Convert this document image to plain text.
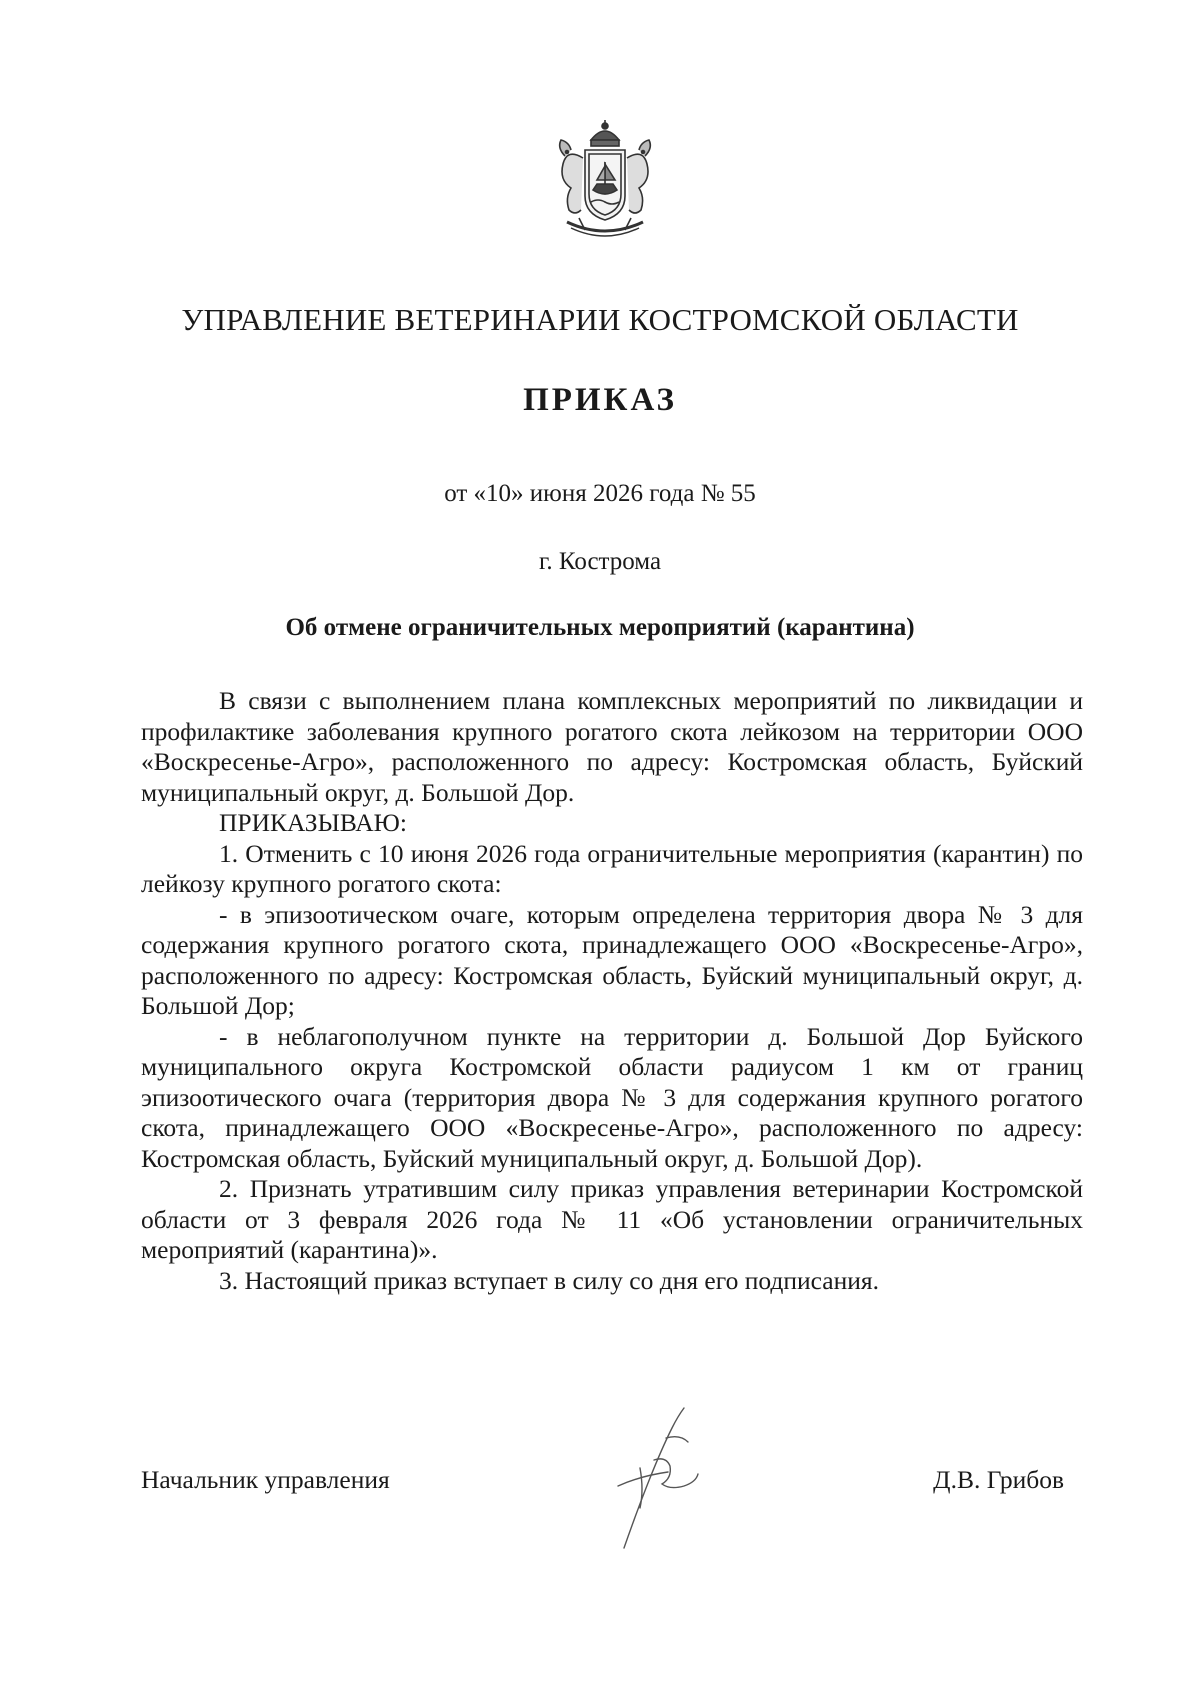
УПРАВЛЕНИЕ ВЕТЕРИНАРИИ КОСТРОМСКОЙ ОБЛАСТИ
ПРИКАЗ
от «10» июня 2026 года № 55
г. Кострома
Об отмене ограничительных мероприятий (карантина)

В связи с выполнением плана комплексных мероприятий по ликвидации и профилактике заболевания крупного рогатого скота лейкозом на территории ООО «Воскресенье-Агро», расположенного по адресу: Костромская область, Буйский муниципальный округ, д. Большой Дор.

ПРИКАЗЫВАЮ:

1. Отменить с 10 июня 2026 года ограничительные мероприятия (карантин) по лейкозу крупного рогатого скота:

- в эпизоотическом очаге, которым определена территория двора № 3 для содержания крупного рогатого скота, принадлежащего ООО «Воскресенье-Агро», расположенного по адресу: Костромская область, Буйский муниципальный округ, д. Большой Дор;

- в неблагополучном пункте на территории д. Большой Дор Буйского муниципального округа Костромской области радиусом 1 км от границ эпизоотического очага (территория двора № 3 для содержания крупного рогатого скота, принадлежащего ООО «Воскресенье-Агро», расположенного по адресу: Костромская область, Буйский муниципальный округ, д. Большой Дор).

2. Признать утратившим силу приказ управления ветеринарии Костромской области от 3 февраля 2026 года № 11 «Об установлении ограничительных мероприятий (карантина)».

3. Настоящий приказ вступает в силу со дня его подписания.

Начальник управления	Д.В. Грибов
